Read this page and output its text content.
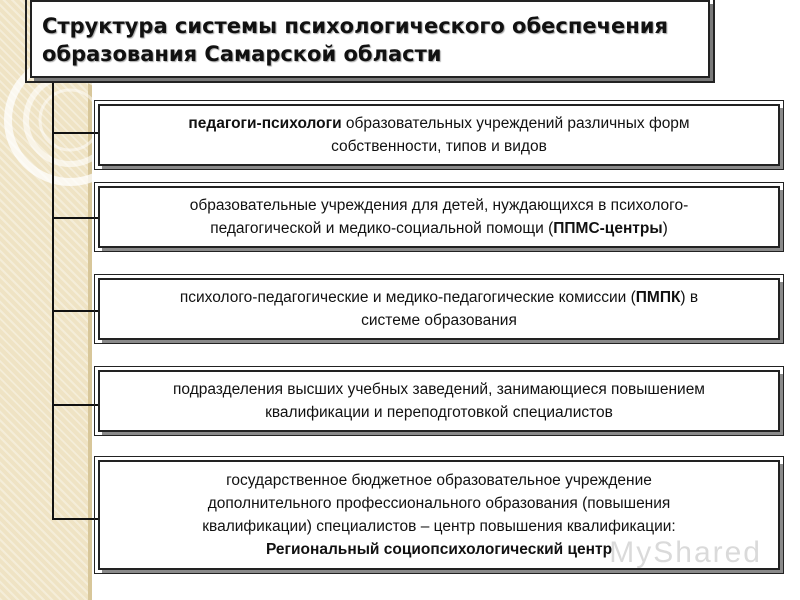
Структура системы психологического обеспечения
образования Самарской области
педагоги-психологи образовательных учреждений различных форм
собственности, типов и видов
образовательные учреждения для детей, нуждающихся в психолого-
педагогической и медико-социальной помощи (ППМС-центры)
психолого-педагогические и медико-педагогические комиссии (ПМПК) в
системе образования
подразделения высших учебных заведений, занимающиеся повышением
квалификации и переподготовкой специалистов
государственное бюджетное образовательное учреждение
дополнительного профессионального образования (повышения
квалификации) специалистов – центр повышения квалификации:
Региональный социопсихологический центр
MyShared
